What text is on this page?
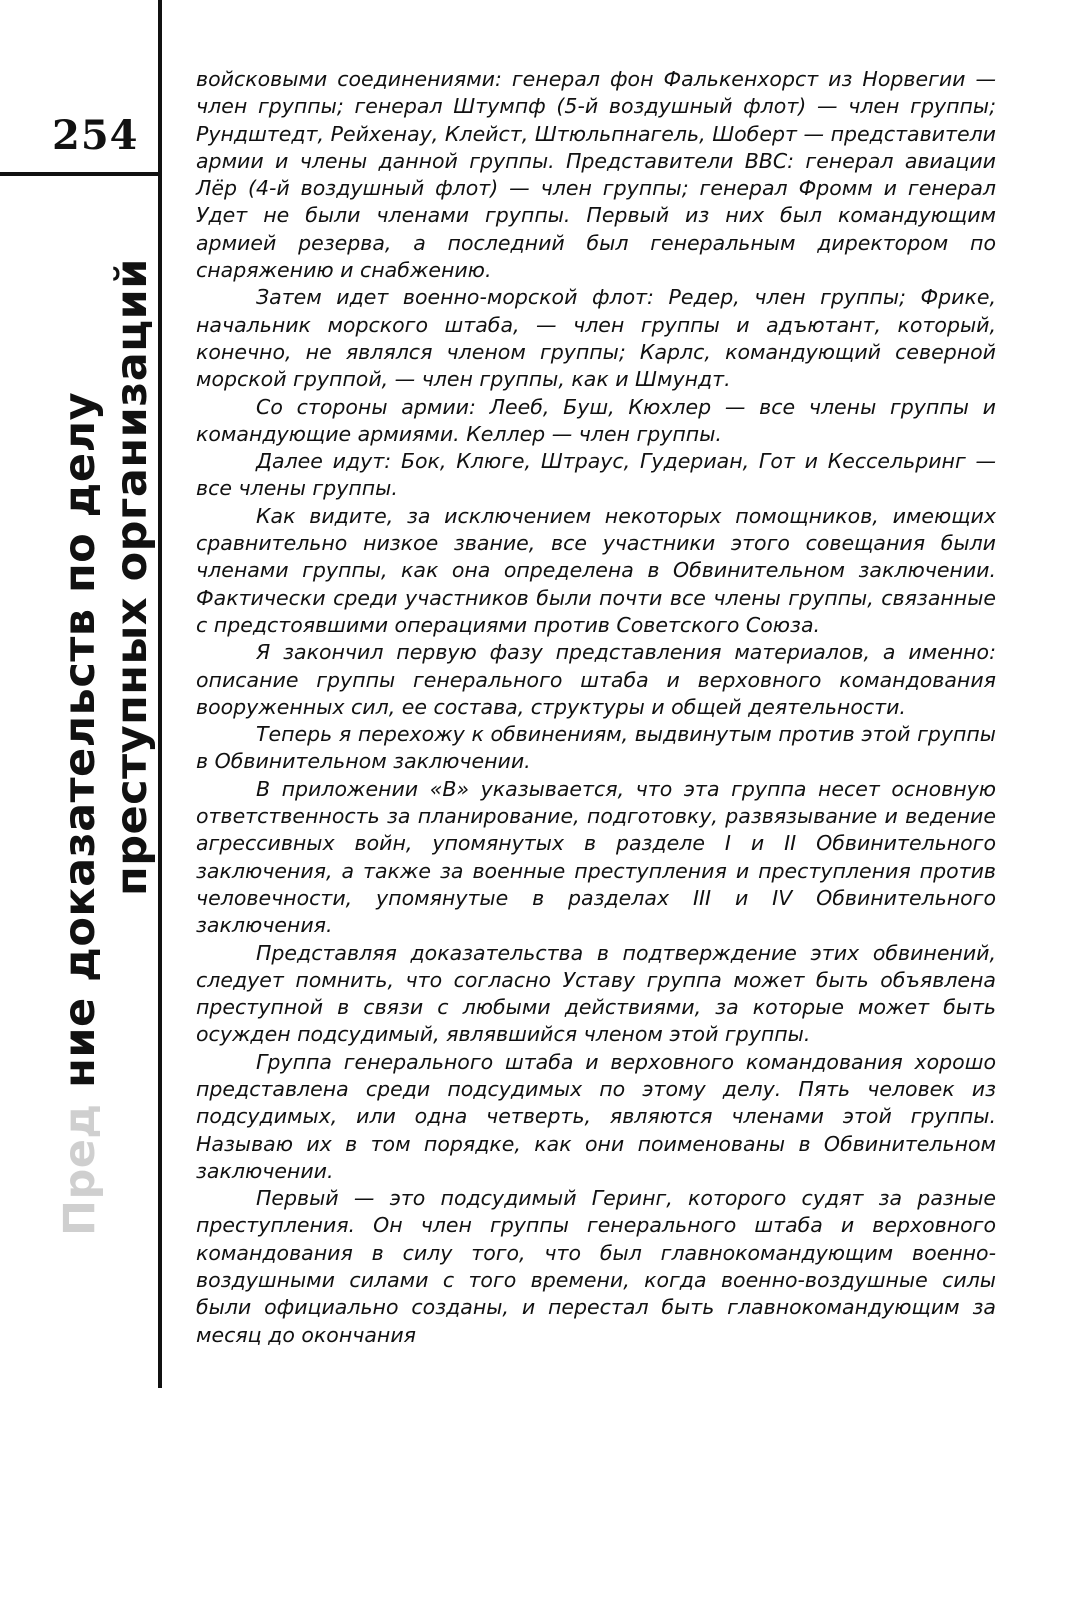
254
Пред ние доказательств по делу преступных организаций

войсковыми соединениями: генерал фон Фалькенхорст из Норвегии — член группы; генерал Штумпф (5-й воздушный флот) — член группы; Рундштедт, Рейхенау, Клейст, Штюльпнагель, Шоберт — представители армии и члены данной группы. Представители ВВС: генерал авиации Лёр (4-й воздушный флот) — член группы; генерал Фромм и генерал Удет не были членами группы. Первый из них был командующим армией резерва, а последний был генеральным директором по снаряжению и снабжению.

Затем идет военно-морской флот: Редер, член группы; Фрике, начальник морского штаба, — член группы и адъютант, который, конечно, не являлся членом группы; Карлс, командующий северной морской группой, — член группы, как и Шмундт.

Со стороны армии: Лееб, Буш, Кюхлер — все члены группы и командующие армиями. Келлер — член группы.

Далее идут: Бок, Клюге, Штраус, Гудериан, Гот и Кессельринг — все члены группы.

Как видите, за исключением некоторых помощников, имеющих сравнительно низкое звание, все участники этого совещания были членами группы, как она определена в Обвинительном заключении. Фактически среди участников были почти все члены группы, связанные с предстоявшими операциями против Советского Союза.

Я закончил первую фазу представления материалов, а именно: описание группы генерального штаба и верховного командования вооруженных сил, ее состава, структуры и общей деятельности.

Теперь я перехожу к обвинениям, выдвинутым против этой группы в Обвинительном заключении.

В приложении «В» указывается, что эта группа несет основную ответственность за планирование, подготовку, развязывание и ведение агрессивных войн, упомянутых в разделе I и II Обвинительного заключения, а также за военные преступления и преступления против человечности, упомянутые в разделах III и IV Обвинительного заключения.

Представляя доказательства в подтверждение этих обвинений, следует помнить, что согласно Уставу группа может быть объявлена преступной в связи с любыми действиями, за которые может быть осужден подсудимый, являвшийся членом этой группы.

Группа генерального штаба и верховного командования хорошо представлена среди подсудимых по этому делу. Пять человек из подсудимых, или одна четверть, являются членами этой группы. Называю их в том порядке, как они поименованы в Обвинительном заключении.

Первый — это подсудимый Геринг, которого судят за разные преступления. Он член группы генерального штаба и верховного командования в силу того, что был главнокомандующим военно-воздушными силами с того времени, когда военно-воздушные силы были официально созданы, и перестал быть главнокомандующим за месяц до окончания
